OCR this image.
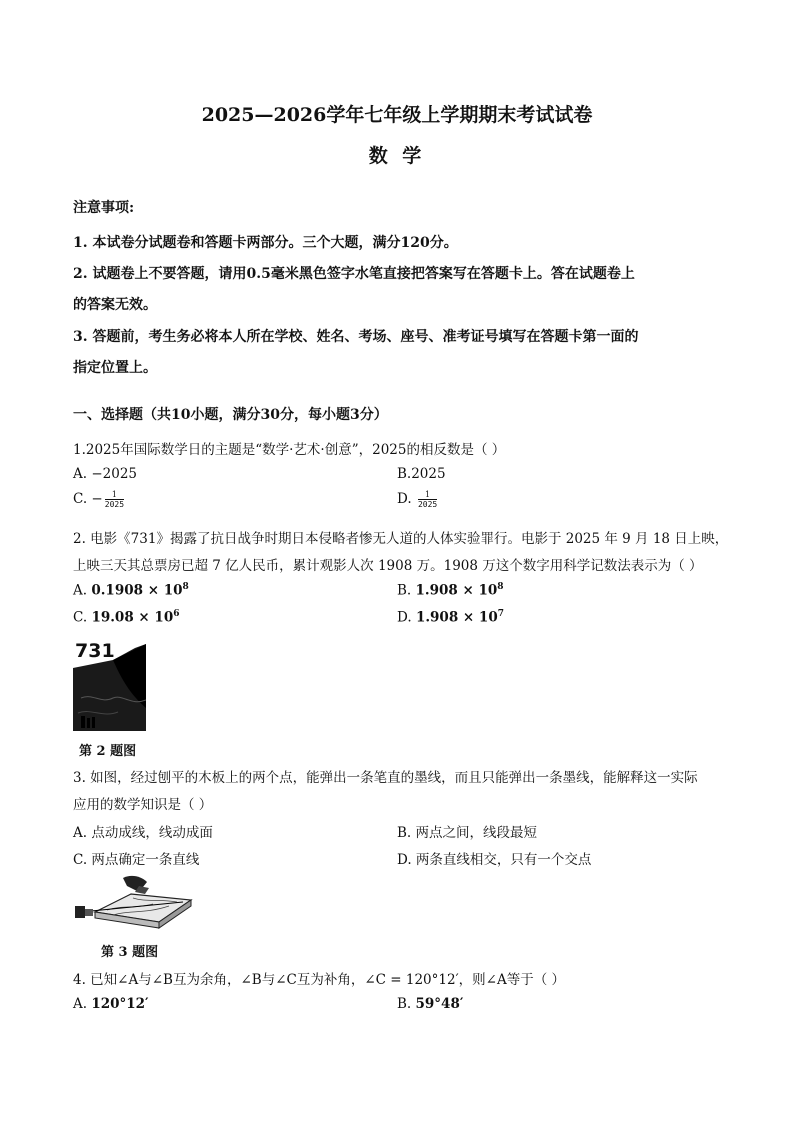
2025—2026学年七年级上学期期末考试试卷
数 学
注意事项:
1. 本试卷分试题卷和答题卡两部分。三个大题，满分120分。
2. 试题卷上不要答题，请用0.5毫米黑色签字水笔直接把答案写在答题卡上。答在试题卷上
的答案无效。
3. 答题前，考生务必将本人所在学校、姓名、考场、座号、准考证号填写在答题卡第一面的
指定位置上。
一、选择题（共10小题，满分30分，每小题3分）
1.2025年国际数学日的主题是“数学·艺术·创意”，2025的相反数是（ ）
A. −2025	B.2025
C. − $\frac{1}{2025}$	D. $\frac{1}{2025}$
2. 电影《731》揭露了抗日战争时期日本侵略者惨无人道的人体实验罪行。电影于 2025 年 9 月 18 日上映，
上映三天其总票房已超 7 亿人民币，累计观影人次 1908 万。1908 万这个数字用科学记数法表示为（ ）
A. $0.1908 \times 10^8$	B. $1.908 \times 10^8$
C. $19.08 \times 10^6$	D. $1.908 \times 10^7$
731
第 2 题图
3. 如图，经过刨平的木板上的两个点，能弹出一条笔直的墨线，而且只能弹出一条墨线，能解释这一实际
应用的数学知识是（ ）
A. 点动成线，线动成面	B. 两点之间，线段最短
C. 两点确定一条直线	D. 两条直线相交，只有一个交点
第 3 题图
4. 已知∠A与∠B互为余角，∠B与∠C互为补角，∠C = 120°12′，则∠A等于（ ）
A. 120°12′	B. 59°48′
